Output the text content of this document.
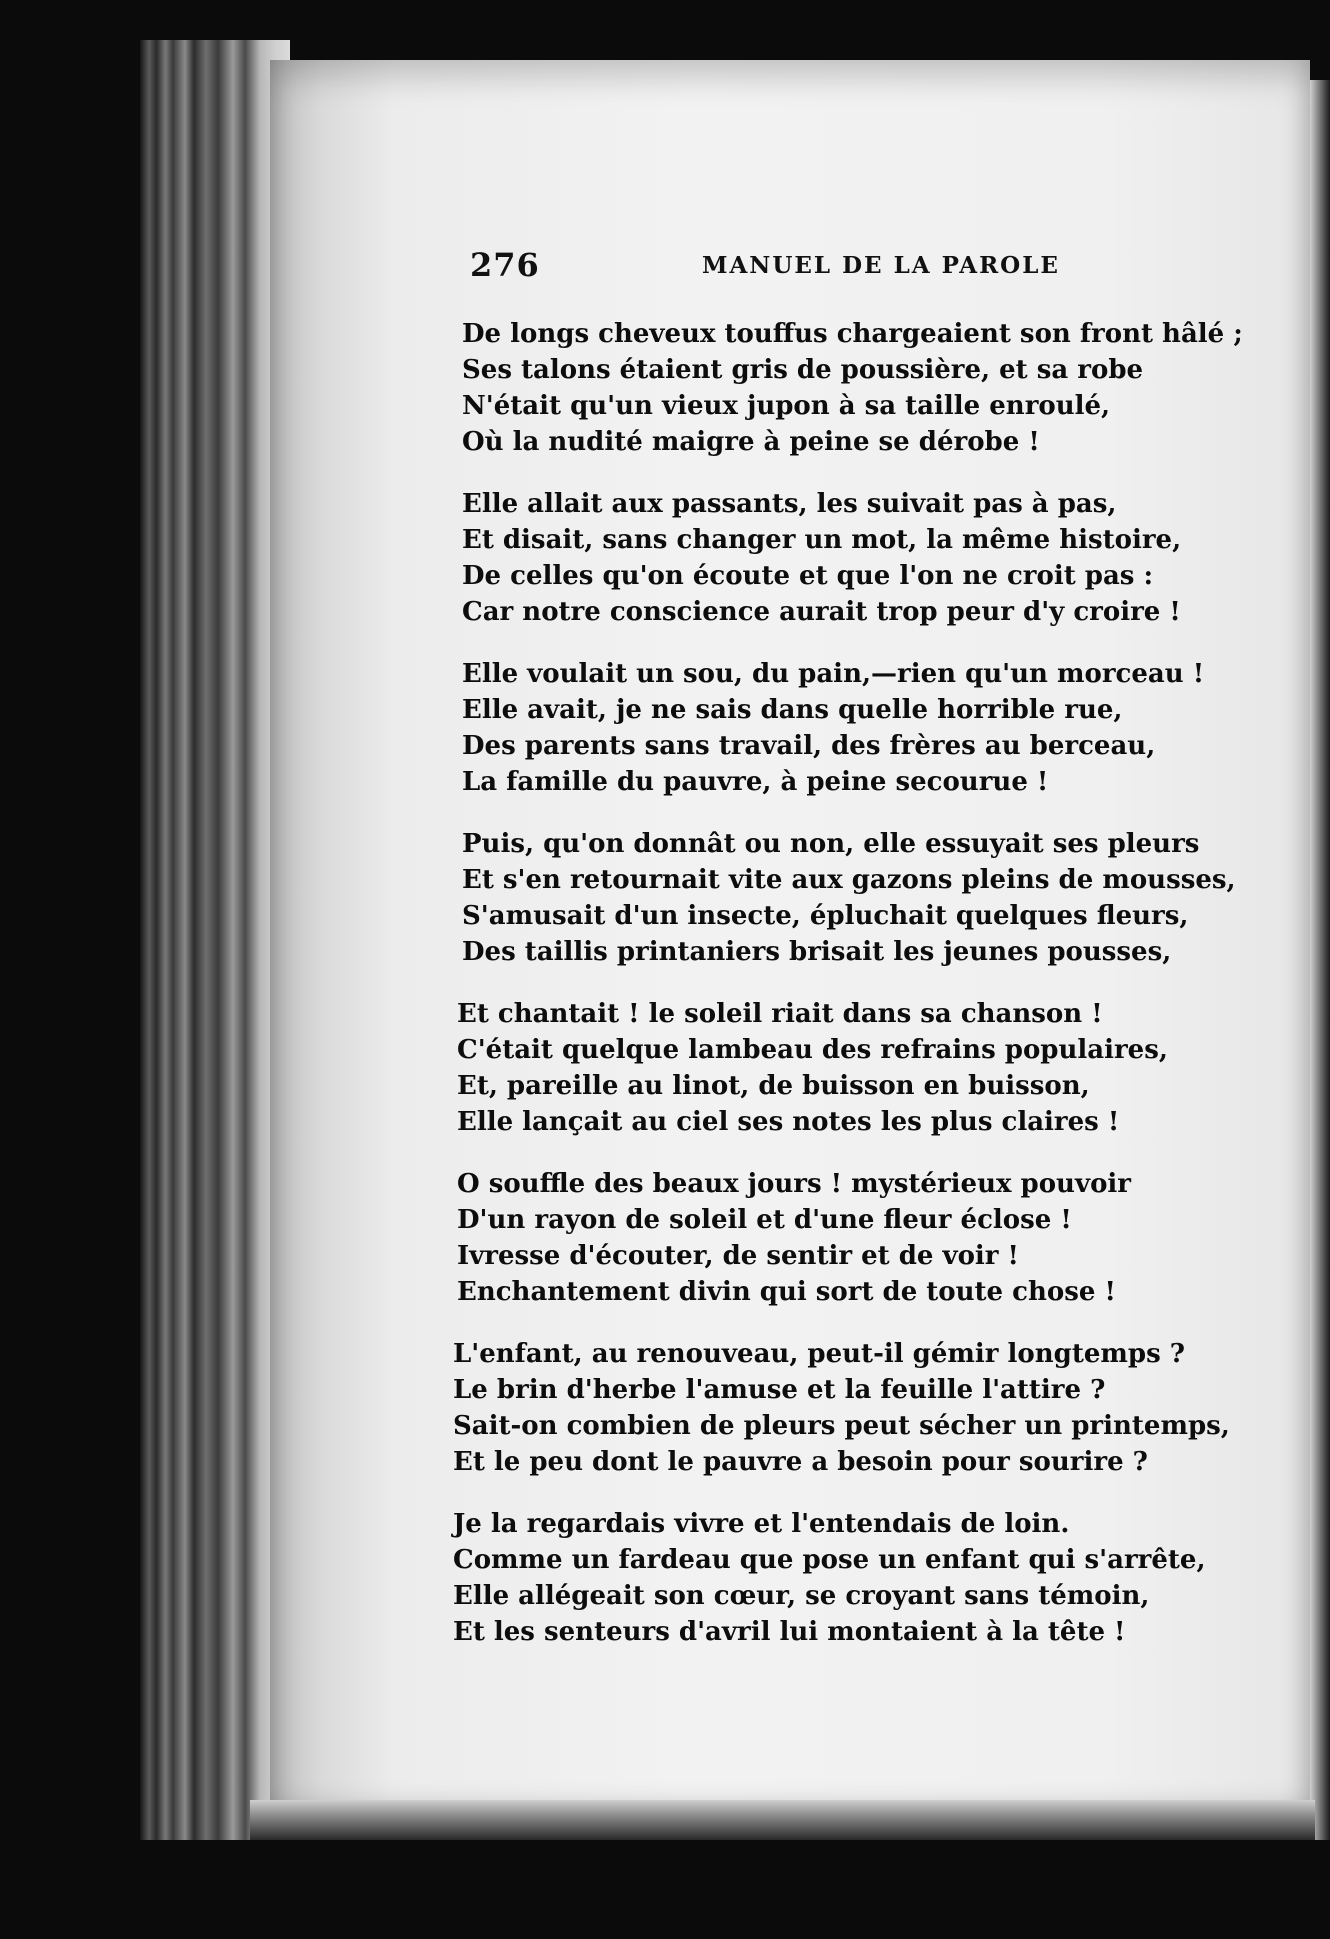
276	MANUEL DE LA PAROLE
De longs cheveux touffus chargeaient son front hâlé ;
Ses talons étaient gris de poussière, et sa robe
N'était qu'un vieux jupon à sa taille enroulé,
Où la nudité maigre à peine se dérobe !
Elle allait aux passants, les suivait pas à pas,
Et disait, sans changer un mot, la même histoire,
De celles qu'on écoute et que l'on ne croit pas :
Car notre conscience aurait trop peur d'y croire !
Elle voulait un sou, du pain,—rien qu'un morceau !
Elle avait, je ne sais dans quelle horrible rue,
Des parents sans travail, des frères au berceau,
La famille du pauvre, à peine secourue !
Puis, qu'on donnât ou non, elle essuyait ses pleurs
Et s'en retournait vite aux gazons pleins de mousses,
S'amusait d'un insecte, épluchait quelques fleurs,
Des taillis printaniers brisait les jeunes pousses,
Et chantait ! le soleil riait dans sa chanson !
C'était quelque lambeau des refrains populaires,
Et, pareille au linot, de buisson en buisson,
Elle lançait au ciel ses notes les plus claires !
O souffle des beaux jours ! mystérieux pouvoir
D'un rayon de soleil et d'une fleur éclose !
Ivresse d'écouter, de sentir et de voir !
Enchantement divin qui sort de toute chose !
L'enfant, au renouveau, peut-il gémir longtemps ?
Le brin d'herbe l'amuse et la feuille l'attire ?
Sait-on combien de pleurs peut sécher un printemps,
Et le peu dont le pauvre a besoin pour sourire ?
Je la regardais vivre et l'entendais de loin.
Comme un fardeau que pose un enfant qui s'arrête,
Elle allégeait son cœur, se croyant sans témoin,
Et les senteurs d'avril lui montaient à la tête !
